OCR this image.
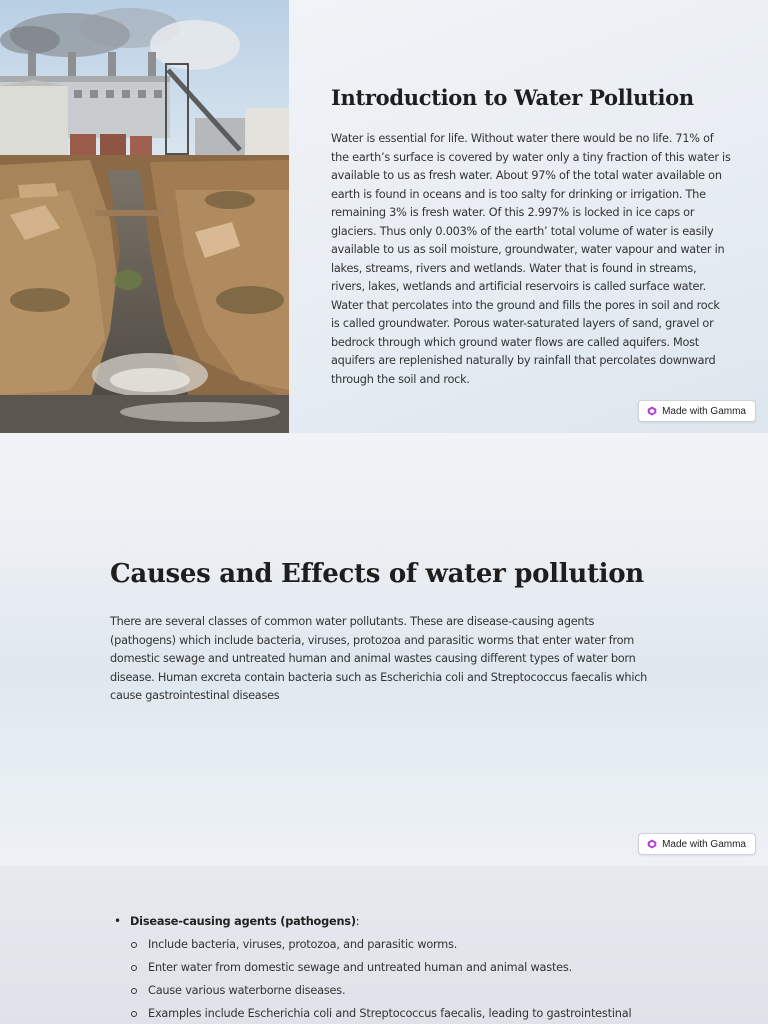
Introduction to Water Pollution

Water is essential for life. Without water there would be no life. 71% of the earth’s surface is covered by water only a tiny fraction of this water is available to us as fresh water. About 97% of the total water available on earth is found in oceans and is too salty for drinking or irrigation. The remaining 3% is fresh water. Of this 2.997% is locked in ice caps or glaciers. Thus only 0.003% of the earth’ total volume of water is easily available to us as soil moisture, groundwater, water vapour and water in lakes, streams, rivers and wetlands. Water that is found in streams, rivers, lakes, wetlands and artificial reservoirs is called surface water. Water that percolates into the ground and fills the pores in soil and rock is called groundwater. Porous water-saturated layers of sand, gravel or bedrock through which ground water flows are called aquifers. Most aquifers are replenished naturally by rainfall that percolates downward through the soil and rock.

Made with Gamma
Causes and Effects of water pollution

There are several classes of common water pollutants. These are disease-causing agents (pathogens) which include bacteria, viruses, protozoa and parasitic worms that enter water from domestic sewage and untreated human and animal wastes causing different types of water born disease. Human excreta contain bacteria such as Escherichia coli and Streptococcus faecalis which cause gastrointestinal diseases

Made with Gamma
• Disease-causing agents (pathogens):
Include bacteria, viruses, protozoa, and parasitic worms.
Enter water from domestic sewage and untreated human and animal wastes.
Cause various waterborne diseases.
Examples include Escherichia coli and Streptococcus faecalis, leading to gastrointestinal
